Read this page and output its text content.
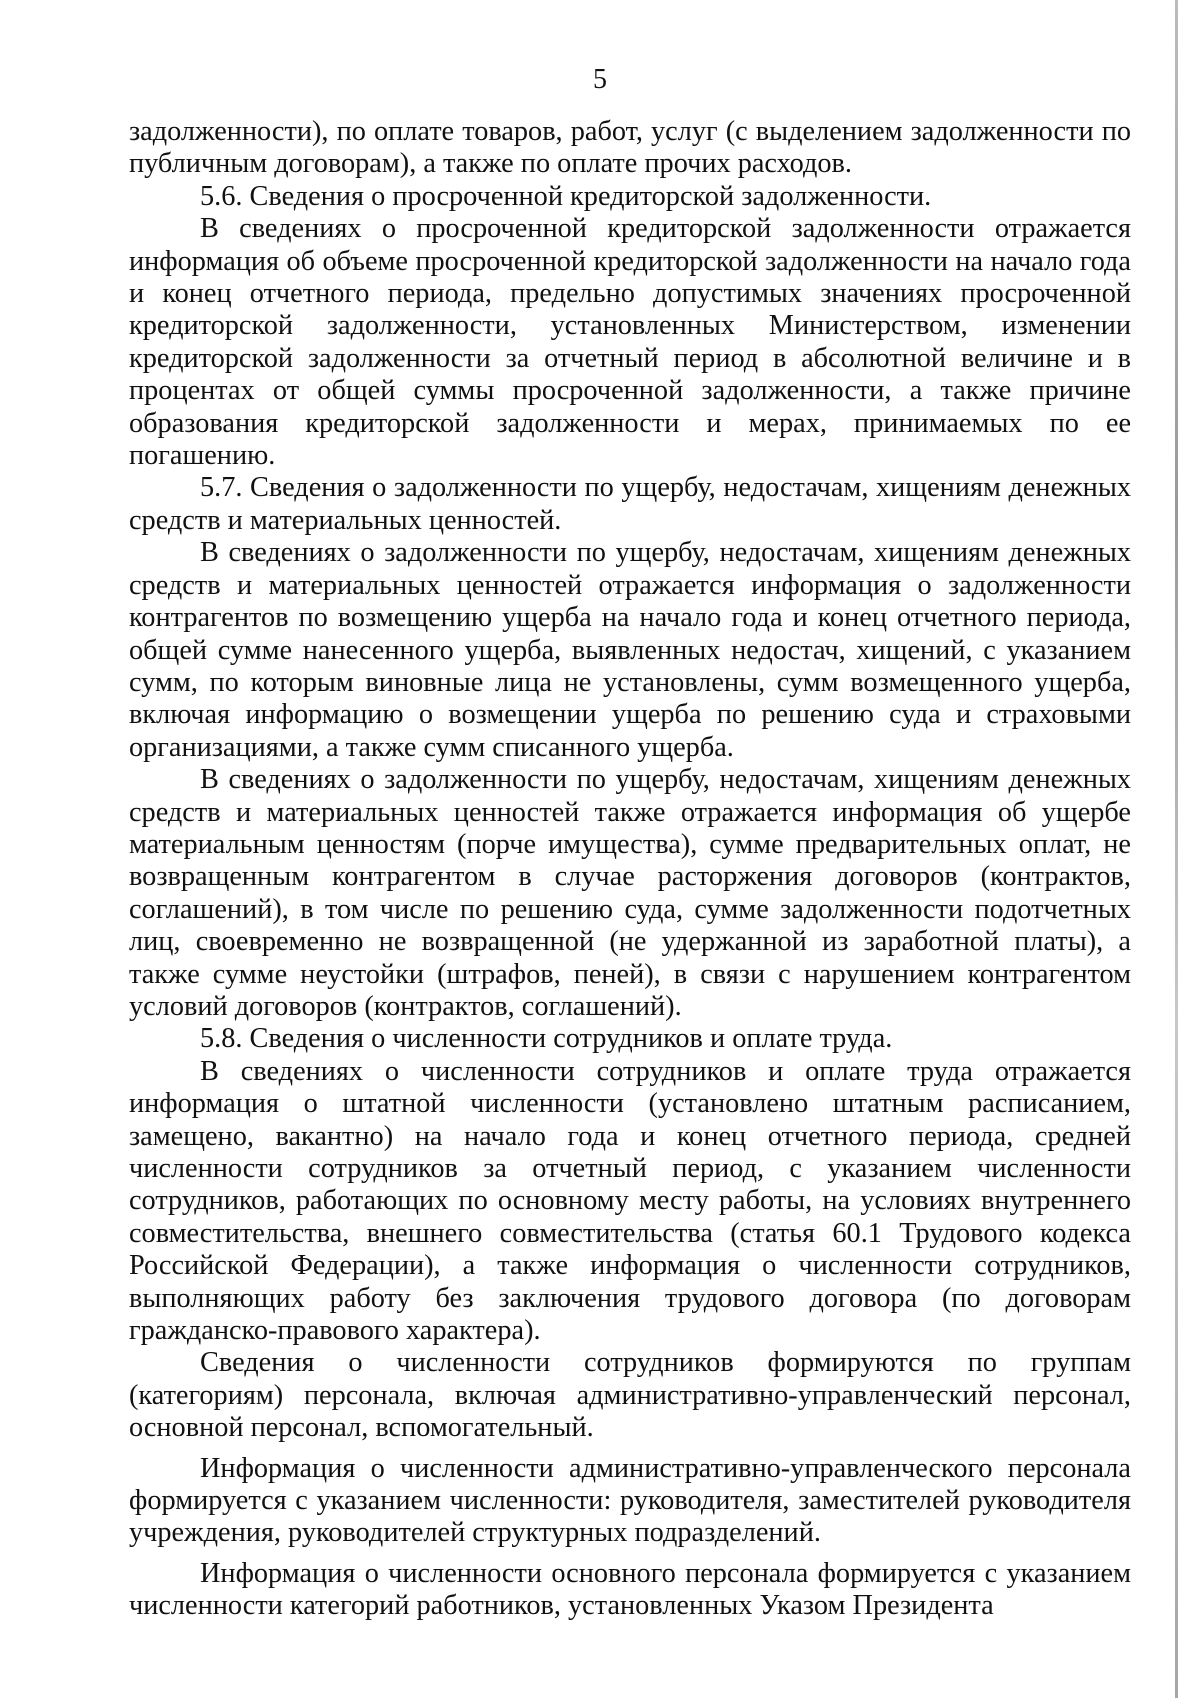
5

задолженности), по оплате товаров, работ, услуг (с выделением задолженности по публичным договорам), а также по оплате прочих расходов.

5.6. Сведения о просроченной кредиторской задолженности.

В сведениях о просроченной кредиторской задолженности отражается информация об объеме просроченной кредиторской задолженности на начало года и конец отчетного периода, предельно допустимых значениях просроченной кредиторской задолженности, установленных Министерством, изменении кредиторской задолженности за отчетный период в абсолютной величине и в процентах от общей суммы просроченной задолженности, а также причине образования кредиторской задолженности и мерах, принимаемых по ее погашению.

5.7. Сведения о задолженности по ущербу, недостачам, хищениям денежных средств и материальных ценностей.

В сведениях о задолженности по ущербу, недостачам, хищениям денежных средств и материальных ценностей отражается информация о задолженности контрагентов по возмещению ущерба на начало года и конец отчетного периода, общей сумме нанесенного ущерба, выявленных недостач, хищений, с указанием сумм, по которым виновные лица не установлены, сумм возмещенного ущерба, включая информацию о возмещении ущерба по решению суда и страховыми организациями, а также сумм списанного ущерба.

В сведениях о задолженности по ущербу, недостачам, хищениям денежных средств и материальных ценностей также отражается информация об ущербе материальным ценностям (порче имущества), сумме предварительных оплат, не возвращенным контрагентом в случае расторжения договоров (контрактов, соглашений), в том числе по решению суда, сумме задолженности подотчетных лиц, своевременно не возвращенной (не удержанной из заработной платы), а также сумме неустойки (штрафов, пеней), в связи с нарушением контрагентом условий договоров (контрактов, соглашений).

5.8. Сведения о численности сотрудников и оплате труда.

В сведениях о численности сотрудников и оплате труда отражается информация о штатной численности (установлено штатным расписанием, замещено, вакантно) на начало года и конец отчетного периода, средней численности сотрудников за отчетный период, с указанием численности сотрудников, работающих по основному месту работы, на условиях внутреннего совместительства, внешнего совместительства (статья 60.1 Трудового кодекса Российской Федерации), а также информация о численности сотрудников, выполняющих работу без заключения трудового договора (по договорам гражданско-правового характера).

Сведения о численности сотрудников формируются по группам (категориям) персонала, включая административно-управленческий персонал, основной персонал, вспомогательный.

Информация о численности административно-управленческого персонала формируется с указанием численности: руководителя, заместителей руководителя учреждения, руководителей структурных подразделений.

Информация о численности основного персонала формируется с указанием численности категорий работников, установленных Указом Президента
